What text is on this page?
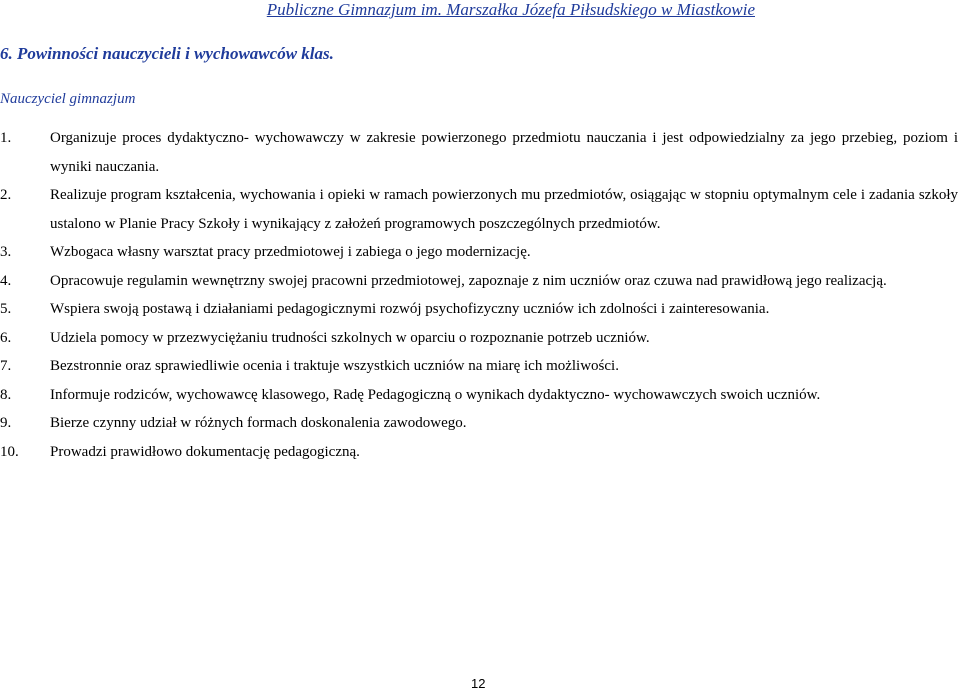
Publiczne Gimnazjum im. Marszałka Józefa Piłsudskiego w Miastkowie
6. Powinności nauczycieli i wychowawców klas.
Nauczyciel gimnazjum
1.	Organizuje proces dydaktyczno- wychowawczy w zakresie powierzonego przedmiotu nauczania i jest odpowiedzialny za jego przebieg, poziom i wyniki nauczania.
2.	Realizuje program kształcenia, wychowania i opieki w ramach powierzonych mu przedmiotów, osiągając w stopniu optymalnym cele i zadania szkoły ustalono w Planie Pracy Szkoły i wynikający z założeń programowych poszczególnych przedmiotów.
3.	Wzbogaca własny warsztat pracy przedmiotowej i zabiega o jego modernizację.
4.	Opracowuje regulamin wewnętrzny swojej pracowni przedmiotowej, zapoznaje z nim uczniów oraz czuwa nad prawidłową jego realizacją.
5.	Wspiera swoją postawą i działaniami pedagogicznymi rozwój psychofizyczny uczniów ich zdolności i zainteresowania.
6.	Udziela pomocy w przezwyciężaniu trudności szkolnych w oparciu o rozpoznanie potrzeb uczniów.
7.	Bezstronnie oraz sprawiedliwie ocenia i traktuje wszystkich uczniów na miarę ich możliwości.
8.	Informuje rodziców, wychowawcę klasowego, Radę Pedagogiczną o wynikach dydaktyczno- wychowawczych swoich uczniów.
9.	Bierze czynny udział w różnych formach doskonalenia zawodowego.
10. Prowadzi prawidłowo dokumentację pedagogiczną.
12
